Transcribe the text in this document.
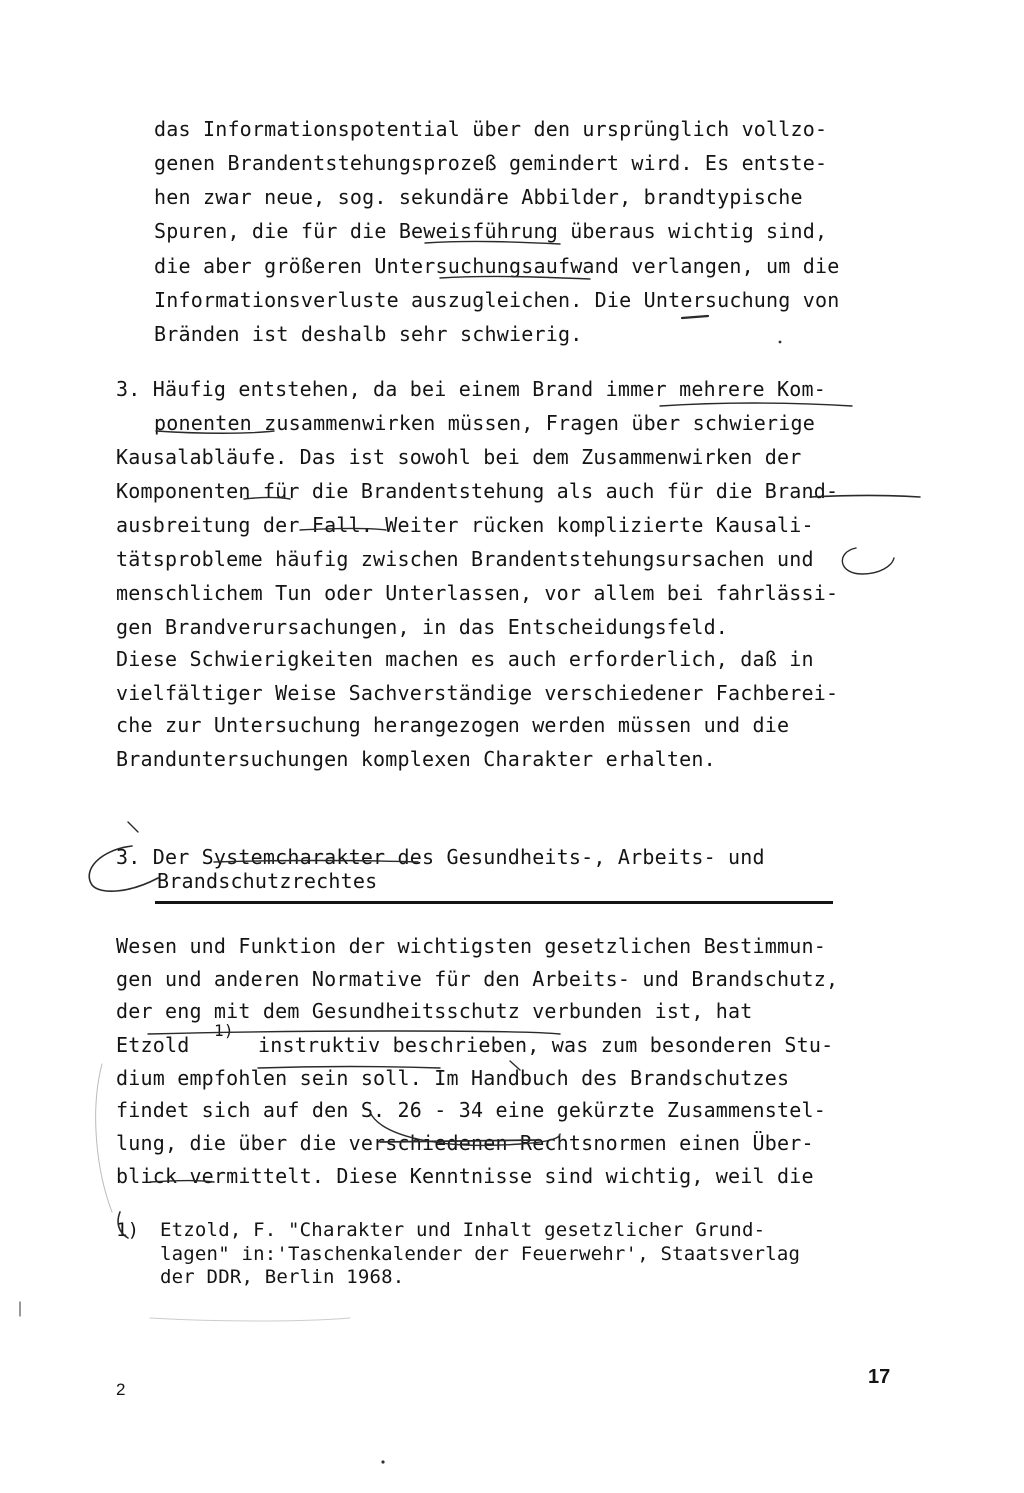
das Informationspotential über den ursprünglich vollzo-

genen Brandentstehungsprozeß gemindert wird. Es entste-

hen zwar neue, sog. sekundäre Abbilder, brandtypische

Spuren, die für die Beweisführung überaus wichtig sind,

die aber größeren Untersuchungsaufwand verlangen, um die

Informationsverluste auszugleichen. Die Untersuchung von

Bränden ist deshalb sehr schwierig.

3. Häufig entstehen, da bei einem Brand immer mehrere Kom-

ponenten zusammenwirken müssen, Fragen über schwierige

Kausalabläufe. Das ist sowohl bei dem Zusammenwirken der

Komponenten für die Brandentstehung als auch für die Brand-

ausbreitung der Fall. Weiter rücken komplizierte Kausali-

tätsprobleme häufig zwischen Brandentstehungsursachen und

menschlichem Tun oder Unterlassen, vor allem bei fahrlässi-

gen Brandverursachungen, in das Entscheidungsfeld.

Diese Schwierigkeiten machen es auch erforderlich, daß in

vielfältiger Weise Sachverständige verschiedener Fachberei-

che zur Untersuchung herangezogen werden müssen und die

Branduntersuchungen komplexen Charakter erhalten.

3. Der Systemcharakter des Gesundheits-, Arbeits- und

Brandschutzrechtes

Wesen und Funktion der wichtigsten gesetzlichen Bestimmun-

gen und anderen Normative für den Arbeits- und Brandschutz,

der eng mit dem Gesundheitsschutz verbunden ist, hat

Etzold

1)

instruktiv beschrieben, was zum besonderen Stu-

dium empfohlen sein soll. Im Handbuch des Brandschutzes

findet sich auf den S. 26 - 34 eine gekürzte Zusammenstel-

lung, die über die verschiedenen Rechtsnormen einen Über-

blick vermittelt. Diese Kenntnisse sind wichtig, weil die

1) Etzold, F. "Charakter und Inhalt gesetzlicher Grund-

lagen" in:'Taschenkalender der Feuerwehr', Staatsverlag

der DDR, Berlin 1968.

2
17
